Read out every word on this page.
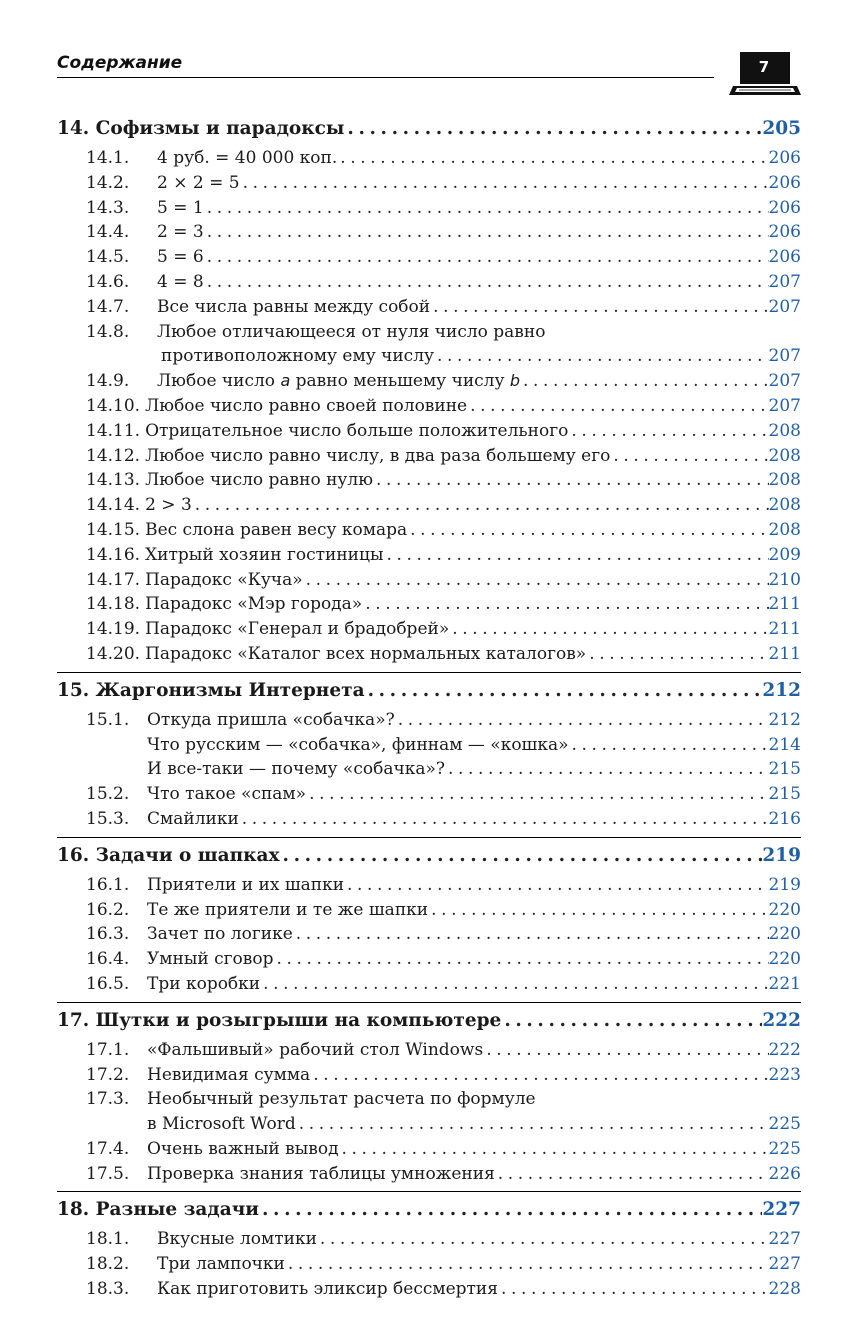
Содержание	7
14. Софизмы и парадоксы .....	205
14.1.	4 руб. = 40 000 коп. .....	206
14.2.	2 × 2 = 5 .....	206
14.3.	5 = 1 .....	206
14.4.	2 = 3 .....	206
14.5.	5 = 6 .....	206
14.6.	4 = 8 .....	207
14.7.	Все числа равны между собой .....	207
14.8.	Любое отличающееся от нуля число равно

противоположному ему числу .....	207
14.9.	Любое число a равно меньшему числу b .....	207
14.10. Любое число равно своей половине .....	207
14.11. Отрицательное число больше положительного .....	208
14.12. Любое число равно числу, в два раза большему его .....	208
14.13. Любое число равно нулю .....	208
14.14. 2 > 3 .....	208
14.15. Вес слона равен весу комара .....	208
14.16. Хитрый хозяин гостиницы .....	209
14.17. Парадокс «Куча» .....	210
14.18. Парадокс «Мэр города» .....	211
14.19. Парадокс «Генерал и брадобрей» .....	211
14.20. Парадокс «Каталог всех нормальных каталогов» .....	211
15. Жаргонизмы Интернета .....	212
15.1.	Откуда пришла «собачка»? .....	212
Что русским — «собачка», финнам — «кошка» .....	214
И все-таки — почему «собачка»? .....	215
15.2.	Что такое «спам» .....	215
15.3.	Смайлики .....	216
16. Задачи о шапках .....	219
16.1.	Приятели и их шапки .....	219
16.2.	Те же приятели и те же шапки .....	220
16.3.	Зачет по логике .....	220
16.4.	Умный сговор .....	220
16.5.	Три коробки .....	221
17. Шутки и розыгрыши на компьютере .....	222
17.1.	«Фальшивый» рабочий стол Windows .....	222
17.2.	Невидимая сумма .....	223
17.3.	Необычный результат расчета по формуле

в Microsoft Word .....	225
17.4.	Очень важный вывод .....	225
17.5.	Проверка знания таблицы умножения .....	226
18. Разные задачи .....	227
18.1.	Вкусные ломтики .....	227
18.2.	Три лампочки .....	227
18.3.	Как приготовить эликсир бессмертия .....	228
